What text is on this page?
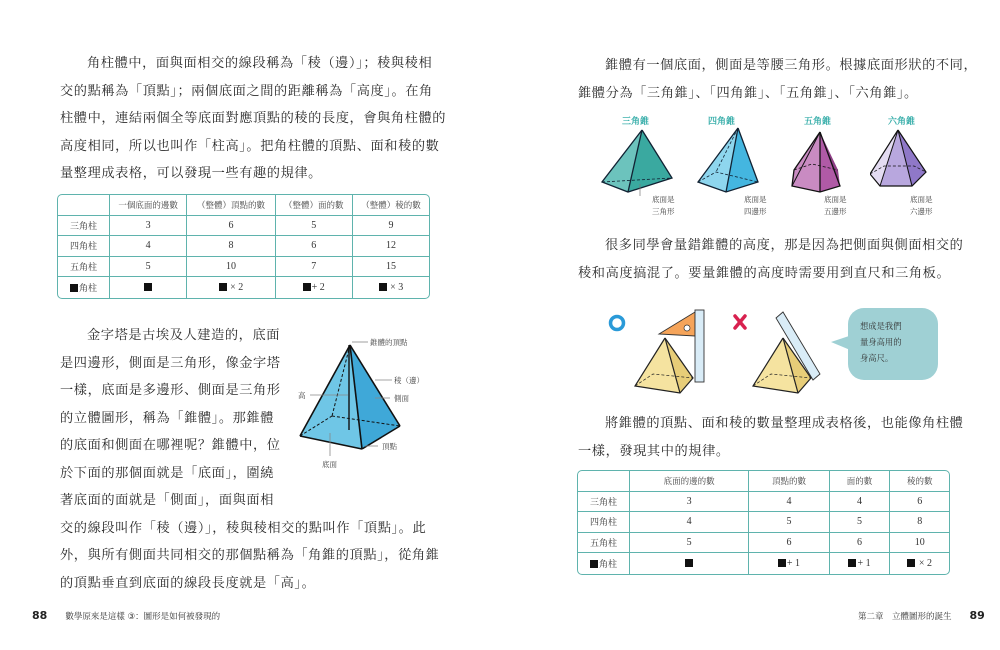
角柱體中，面與面相交的線段稱為「稜（邊）」；稜與稜相
交的點稱為「頂點」；兩個底面之間的距離稱為「高度」。在角
柱體中，連結兩個全等底面對應頂點的稜的長度，會與角柱體的
高度相同，所以也叫作「柱高」。把角柱體的頂點、面和稜的數
量整理成表格，可以發現一些有趣的規律。
	一個底面的邊數	（整體）頂點的數	（整體）面的數	（整體）稜的數
三角柱	3	6	5	9
四角柱	4	8	6	12
五角柱	5	10	7	15
角柱		× 2	+ 2	× 3
金字塔是古埃及人建造的，底面
是四邊形，側面是三角形，像金字塔
一樣，底面是多邊形、側面是三角形
的立體圖形，稱為「錐體」。那錐體
的底面和側面在哪裡呢？錐體中，位
於下面的那個面就是「底面」，圍繞
著底面的面就是「側面」，面與面相
交的線段叫作「稜（邊）」，稜與稜相交的點叫作「頂點」。此
外，與所有側面共同相交的那個點稱為「角錐的頂點」，從角錐
的頂點垂直到底面的線段長度就是「高」。
錐體的頂點
稜（邊）
側面
高
頂點
底面
88 數學原來是這樣 ③：圖形是如何被發現的
錐體有一個底面，側面是等腰三角形。根據底面形狀的不同，
錐體分為「三角錐」、「四角錐」、「五角錐」、「六角錐」。
三角錐
底面是
三角形
四角錐
底面是
四邊形
五角錐
底面是
五邊形
六角錐
底面是
六邊形
很多同學會量錯錐體的高度，那是因為把側面與側面相交的
稜和高度搞混了。要量錐體的高度時需要用到直尺和三角板。
想成是我們
量身高用的
身高尺。
將錐體的頂點、面和稜的數量整理成表格後，也能像角柱體
一樣，發現其中的規律。
	底面的邊的數	頂點的數	面的數	稜的數
三角柱	3	4	4	6
四角柱	4	5	5	8
五角柱	5	6	6	10
角柱		+ 1	+ 1	× 2
第二章　立體圖形的誕生 89
